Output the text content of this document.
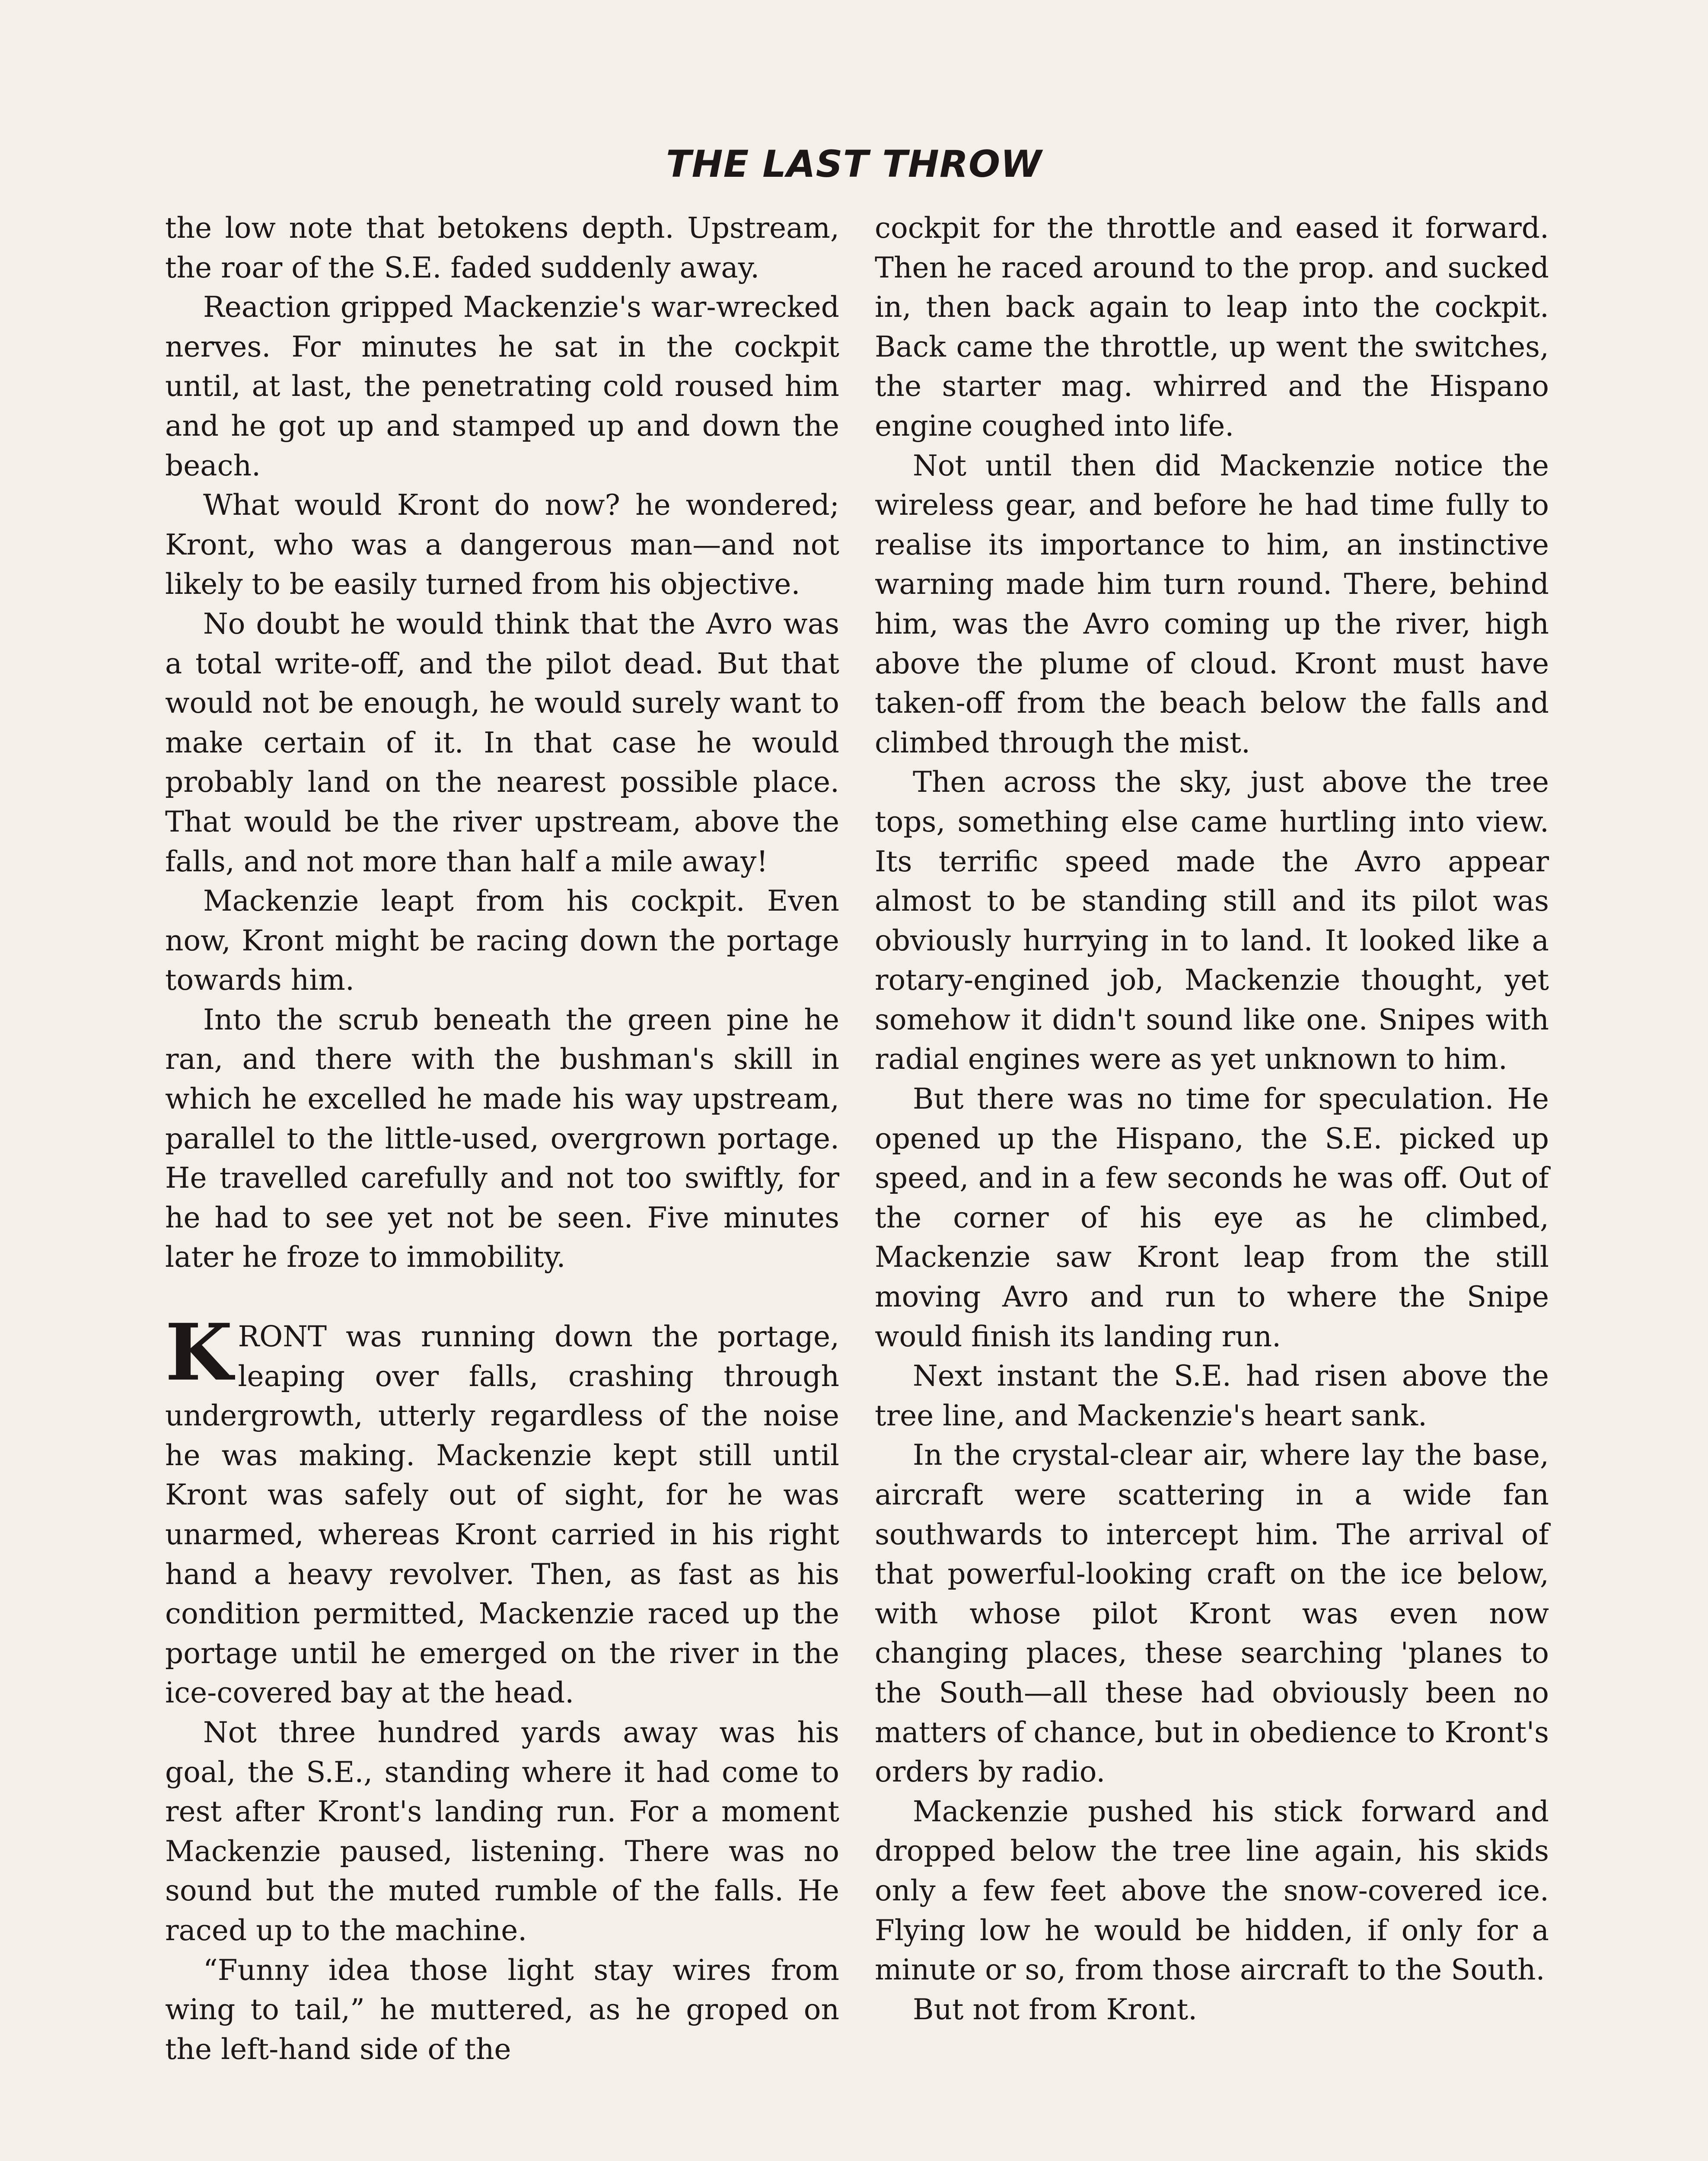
THE LAST THROW

the low note that betokens depth. Upstream, the roar of the S.E. faded suddenly away.

Reaction gripped Mackenzie's war-wrecked nerves. For minutes he sat in the cockpit until, at last, the penetrating cold roused him and he got up and stamped up and down the beach.

What would Kront do now? he wondered; Kront, who was a dangerous man—and not likely to be easily turned from his objective.

No doubt he would think that the Avro was a total write-off, and the pilot dead. But that would not be enough, he would surely want to make certain of it. In that case he would probably land on the nearest possible place. That would be the river upstream, above the falls, and not more than half a mile away!

Mackenzie leapt from his cockpit. Even now, Kront might be racing down the portage towards him.

Into the scrub beneath the green pine he ran, and there with the bushman's skill in which he excelled he made his way upstream, parallel to the little-used, overgrown portage. He travelled carefully and not too swiftly, for he had to see yet not be seen. Five minutes later he froze to immobility.

KRONT was running down the portage, leaping over falls, crashing through undergrowth, utterly regardless of the noise he was making. Mackenzie kept still until Kront was safely out of sight, for he was unarmed, whereas Kront carried in his right hand a heavy revolver. Then, as fast as his condition permitted, Mackenzie raced up the portage until he emerged on the river in the ice-covered bay at the head.

Not three hundred yards away was his goal, the S.E., standing where it had come to rest after Kront's landing run. For a moment Mackenzie paused, listening. There was no sound but the muted rumble of the falls. He raced up to the machine.

“Funny idea those light stay wires from wing to tail,” he muttered, as he groped on the left-hand side of the

cockpit for the throttle and eased it forward. Then he raced around to the prop. and sucked in, then back again to leap into the cockpit. Back came the throttle, up went the switches, the starter mag. whirred and the Hispano engine coughed into life.

Not until then did Mackenzie notice the wireless gear, and before he had time fully to realise its importance to him, an instinctive warning made him turn round. There, behind him, was the Avro coming up the river, high above the plume of cloud. Kront must have taken-off from the beach below the falls and climbed through the mist.

Then across the sky, just above the tree tops, something else came hurtling into view. Its terrific speed made the Avro appear almost to be standing still and its pilot was obviously hurrying in to land. It looked like a rotary-engined job, Mackenzie thought, yet somehow it didn't sound like one. Snipes with radial engines were as yet unknown to him.

But there was no time for speculation. He opened up the Hispano, the S.E. picked up speed, and in a few seconds he was off. Out of the corner of his eye as he climbed, Mackenzie saw Kront leap from the still moving Avro and run to where the Snipe would finish its landing run.

Next instant the S.E. had risen above the tree line, and Mackenzie's heart sank.

In the crystal-clear air, where lay the base, aircraft were scattering in a wide fan southwards to intercept him. The arrival of that powerful-looking craft on the ice below, with whose pilot Kront was even now changing places, these searching 'planes to the South—all these had obviously been no matters of chance, but in obedience to Kront's orders by radio.

Mackenzie pushed his stick forward and dropped below the tree line again, his skids only a few feet above the snow-covered ice. Flying low he would be hidden, if only for a minute or so, from those aircraft to the South.

But not from Kront.
